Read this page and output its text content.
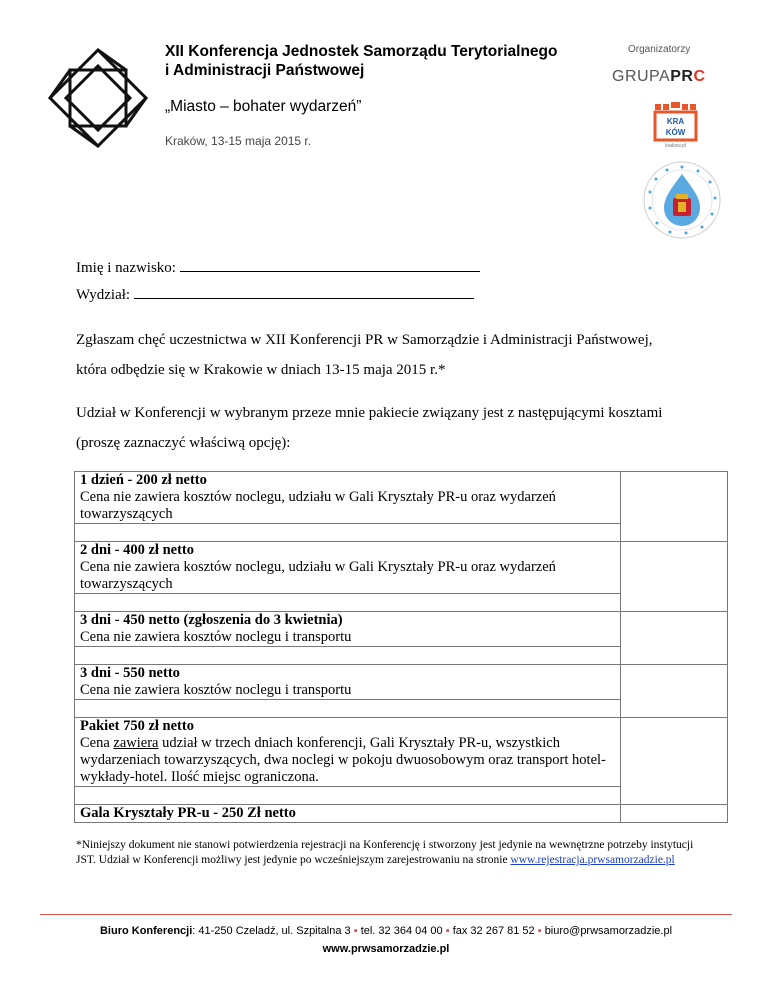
XII Konferencja Jednostek Samorządu Terytorialnego
i Administracji Państwowej
„Miasto – bohater wydarzeń”
Kraków, 13-15 maja 2015 r.
Organizatorzy
GRUPAPRC
KRA
KÓW
krakow.pl
Imię i nazwisko:
Wydział:
Zgłaszam chęć uczestnictwa w XII Konferencji PR w Samorządzie i Administracji Państwowej,
która odbędzie się w Krakowie w dniach 13-15 maja 2015 r.*
Udział w Konferencji w wybranym przeze mnie pakiecie związany jest z następującymi kosztami
(proszę zaznaczyć właściwą opcję):
1 dzień - 200 zł netto
Cena nie zawiera kosztów noclegu, udziału w Gali Kryształy PR-u oraz wydarzeń towarzyszących	

2 dni - 400 zł netto
Cena nie zawiera kosztów noclegu, udziału w Gali Kryształy PR-u oraz wydarzeń towarzyszących	

3 dni - 450 netto (zgłoszenia do 3 kwietnia)
Cena nie zawiera kosztów noclegu i transportu	

3 dni - 550 netto
Cena nie zawiera kosztów noclegu i transportu	

Pakiet 750 zł netto
Cena zawiera udział w trzech dniach konferencji, Gali Kryształy PR-u, wszystkich wydarzeniach towarzyszących, dwa noclegi w pokoju dwuosobowym oraz transport hotel-wykłady-hotel. Ilość miejsc ograniczona.	

Gala Kryształy PR-u - 250 Zł netto	

*Niniejszy dokument nie stanowi potwierdzenia rejestracji na Konferencję i stworzony jest jedynie na wewnętrzne potrzeby instytucji JST. Udział w Konferencji możliwy jest jedynie po wcześniejszym zarejestrowaniu na stronie www.rejestracja.prwsamorzadzie.pl
Biuro Konferencji: 41-250 Czeladź, ul. Szpitalna 3 ▪ tel. 32 364 04 00 ▪ fax 32 267 81 52 ▪ biuro@prwsamorzadzie.pl
www.prwsamorzadzie.pl
